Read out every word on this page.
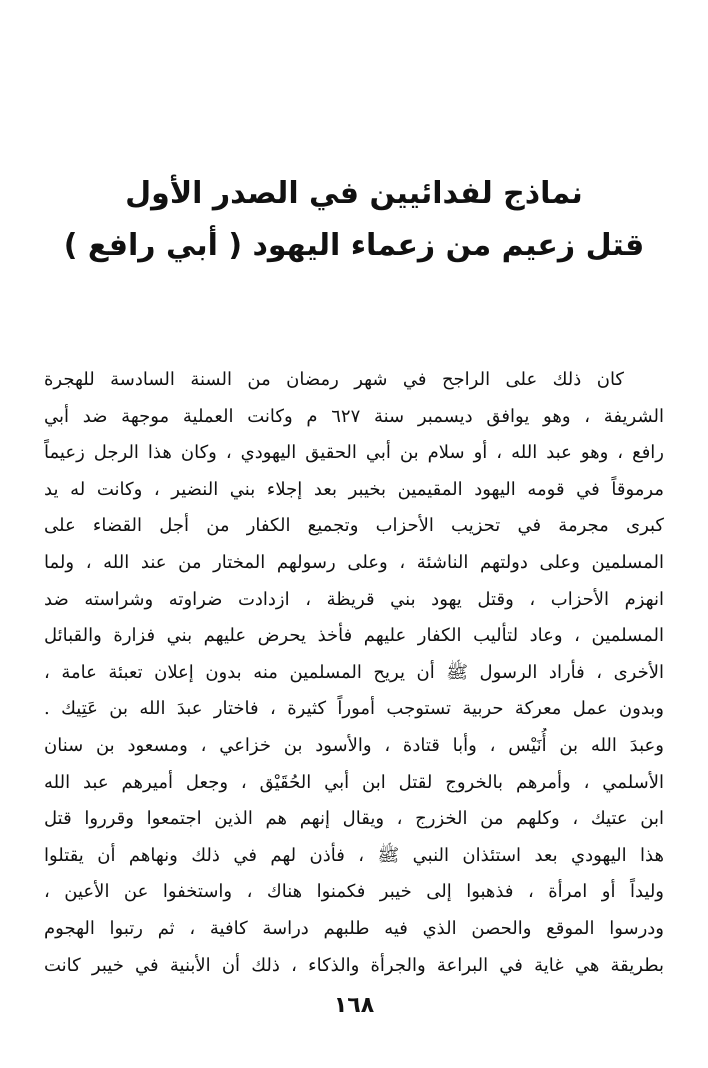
نماذج لفدائيين في الصدر الأول
قتل زعيم من زعماء اليهود ( أبي رافع )
كان ذلك على الراجح في شهر رمضان من السنة السادسة للهجرة
الشريفة ، وهو يوافق ديسمبر سنة ٦٢٧ م وكانت العملية موجهة ضد أبي
رافع ، وهو عبد الله ، أو سلام بن أبي الحقيق اليهودي ، وكان هذا الرجل زعيماً
مرموقاً في قومه اليهود المقيمين بخيبر بعد إجلاء بني النضير ، وكانت له يد
كبرى مجرمة في تحزيب الأحزاب وتجميع الكفار من أجل القضاء على
المسلمين وعلى دولتهم الناشئة ، وعلى رسولهم المختار من عند الله ، ولما
انهزم الأحزاب ، وقتل يهود بني قريظة ، ازدادت ضراوته وشراسته ضد
المسلمين ، وعاد لتأليب الكفار عليهم فأخذ يحرض عليهم بني فزارة والقبائل
الأخرى ، فأراد الرسول ﷺ أن يريح المسلمين منه بدون إعلان تعبئة عامة ،
وبدون عمل معركة حربية تستوجب أموراً كثيرة ، فاختار عبدَ الله بن عَتِيك .
وعبدَ الله بن أُنَيْس ، وأبا قتادة ، والأسود بن خزاعي ، ومسعود بن سنان
الأسلمي ، وأمرهم بالخروج لقتل ابن أبي الحُقَيْق ، وجعل أميرهم عبد الله
ابن عتيك ، وكلهم من الخزرج ، ويقال إنهم هم الذين اجتمعوا وقرروا قتل
هذا اليهودي بعد استئذان النبي ﷺ ، فأذن لهم في ذلك ونهاهم أن يقتلوا
وليداً أو امرأة ، فذهبوا إلى خيبر فكمنوا هناك ، واستخفوا عن الأعين ،
ودرسوا الموقع والحصن الذي فيه طلبهم دراسة كافية ، ثم رتبوا الهجوم
بطريقة هي غاية في البراعة والجرأة والذكاء ، ذلك أن الأبنية في خيبر كانت
١٦٨
